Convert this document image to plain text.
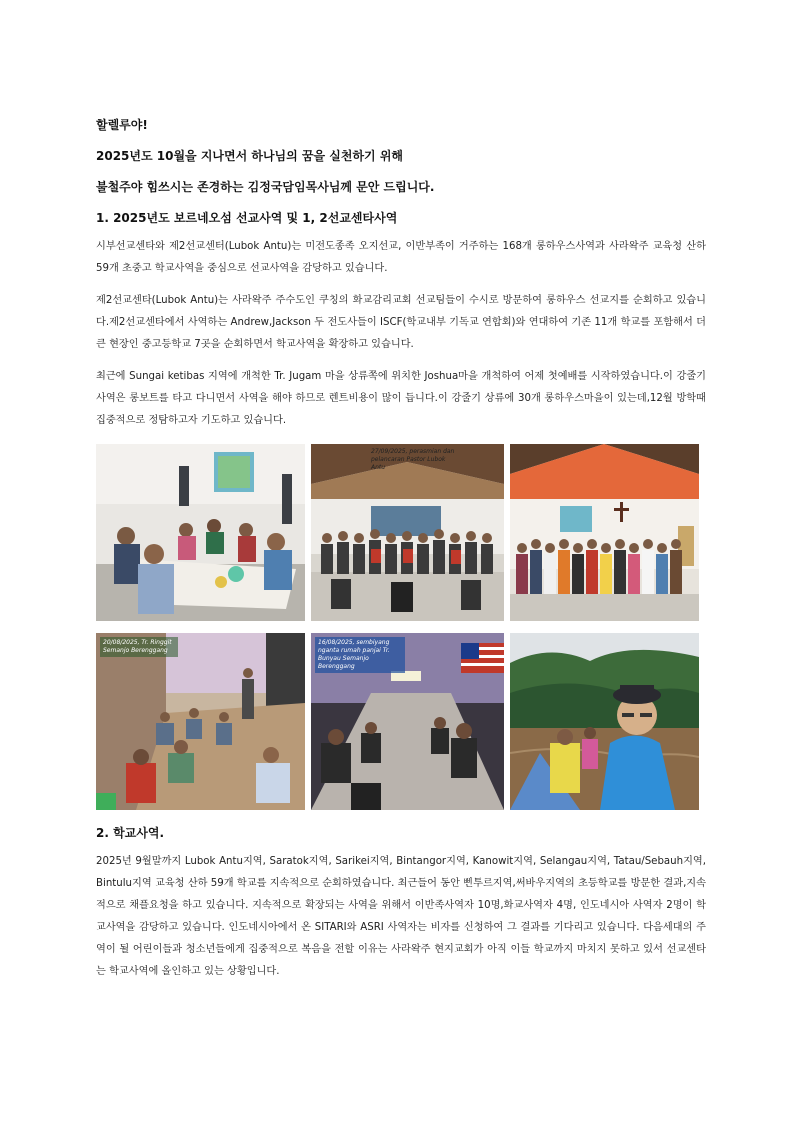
할렐루야!
2025년도 10월을 지나면서 하나님의 꿈을 실천하기 위해
불철주야 힘쓰시는 존경하는 김정국담임목사님께 문안 드립니다.
1. 2025년도 보르네오섬 선교사역 및 1, 2선교센타사역

시부선교센타와 제2선교센터(Lubok Antu)는 미전도종족 오지선교, 이반부족이 거주하는 168개 롱하우스사역과 사라왁주 교육청 산하 59개 초중고 학교사역을 중심으로 선교사역을 감당하고 있습니다.

제2선교센타(Lubok Antu)는 사라왁주 주수도인 쿠칭의 화교감리교회 선교팀들이 수시로 방문하여 롱하우스 선교지를 순회하고 있습니다.제2선교센타에서 사역하는 Andrew,Jackson 두 전도사들이 ISCF(학교내부 기독교 연합회)와 연대하여 기존 11개 학교를 포함해서 더 큰 현장인 중고등학교 7곳을 순회하면서 학교사역을 확장하고 있습니다.

최근에 Sungai ketibas 지역에 개척한 Tr. Jugam 마을 상류쪽에 위치한 Joshua마을 개척하여 어제 첫예배를 시작하였습니다.이 강줄기 사역은 롱보트를 타고 다니면서 사역을 해야 하므로 렌트비용이 많이 듭니다.이 강줄기 상류에 30개 롱하우스마을이 있는데,12월 방학때 집중적으로 정탐하고자 기도하고 있습니다.

27/09/2025, perasmian dan pelancaran Pastor Lubok Antu
20/08/2025, Tr. Ringgit Semanjo Berenggang
16/08/2025, sembiyang nganta rumah panjai Tr. Bunyau Semanjo Berenggang
2. 학교사역.

2025년 9월말까지 Lubok Antu지역, Saratok지역, Sarikei지역, Bintangor지역, Kanowit지역, Selangau지역, Tatau/Sebauh지역, Bintulu지역 교육청 산하 59개 학교를 지속적으로 순회하였습니다. 최근들어 동안 삔투르지역,써바우지역의 초등학교를 방문한 결과,지속적으로 채플요청을 하고 있습니다. 지속적으로 확장되는 사역을 위해서 이반족사역자 10명,화교사역자 4명, 인도네시아 사역자 2명이 학교사역을 감당하고 있습니다. 인도네시아에서 온 SITARI와 ASRI 사역자는 비자를 신청하여 그 결과를 기다리고 있습니다. 다음세대의 주역이 될 어린이들과 청소년들에게 집중적으로 복음을 전할 이유는 사라왁주 현지교회가 아직 이들 학교까지 마치지 못하고 있서 선교센타는 학교사역에 올인하고 있는 상황입니다.
